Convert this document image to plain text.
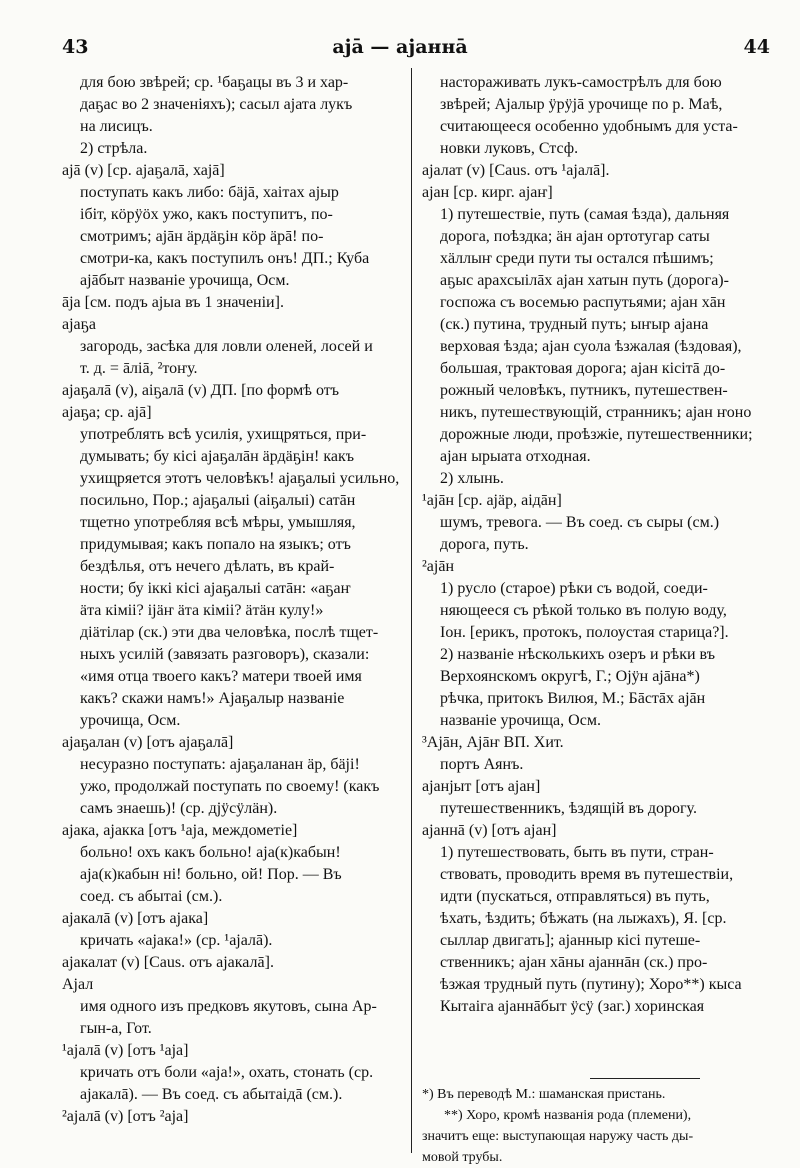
43	аjā — аjаннā	44

для бою звѣрей; ср. ¹баҕацы въ 3 и хар-

даҕас во 2 значеніяхъ); сасыл аjата лукъ

на лисицъ.

2) стрѣла.

аjā (v) [ср. аjаҕалā, хаjā]

поступать какъ либо: бäjā, хаітах аjыр

ібіт, кӧрӱӧх ужо, какъ поступитъ, по-

смотримъ; аjāн äрдäҕін кӧр äрā! по-

смотри-ка, какъ поступилъ онъ! ДП.; Куба

аjāбыт названіе урочища, Осм.

ājа [см. подъ аjыа въ 1 значеніи].
аjаҕа

загородь, засѣка для ловли оленей, лосей и

т. д. = āліā, ²тоҥу.

аjаҕалā (v), аiҕалā (v) ДП. [по формѣ отъ
аjаҕа; ср. аjā]

употреблять всѣ усилія, ухищряться, при-

думывать; бу кісі аjаҕалāн äрдäҕін! какъ

ухищряется этотъ человѣкъ! аjаҕалыі усильно,

посильно, Пор.; аjаҕалыі (аiҕалыі) сатāн

тщетно употребляя всѣ мѣры, умышляя,

придумывая; какъ попало на языкъ; отъ

бездѣлья, отъ нечего дѣлать, въ край-

ности; бу іккі кісі аjаҕалыі сатāн: «аҕаҥ

äта кіміі? ijäҥ äта кіміі? äтäн кулу!»

дiäтiлар (ск.) эти два человѣка, послѣ тщет-

ныхъ усилій (завязать разговоръ), сказали:

«имя отца твоего какъ? матери твоей имя

какъ? скажи намъ!» Аjаҕалыр названіе

урочища, Осм.

аjаҕалан (v) [отъ аjаҕалā]

несуразно поступать: аjаҕаланан äр, бäjі!

ужо, продолжай поступать по своему! (какъ

самъ знаешь)! (ср. дjӱсӱлäн).

аjака, аjакка [отъ ¹аjа, междометіе]

больно! охъ какъ больно! аjа(к)кабын!

аjа(к)кабын ні! больно, ой! Пор. — Въ

соед. съ абытаі (см.).

аjакалā (v) [отъ аjака]

кричать «аjака!» (ср. ¹аjалā).

аjакалат (v) [Caus. отъ аjакалā].
Аjал

имя одного изъ предковъ якутовъ, сына Ар-

гын-а, Гот.

¹аjалā (v) [отъ ¹аjа]

кричать отъ боли «аjа!», охать, стонать (ср.

аjакалā). — Въ соед. съ абытаідā (см.).

²аjалā (v) [отъ ²аjа]

настораживать лукъ-самострѣлъ для бою

звѣрей; Аjалыр ӱрӱjā урочище по р. Маѣ,

считающееся особенно удобнымъ для уста-

новки луковъ, Стсф.

аjалат (v) [Caus. отъ ¹аjалā].
аjан [ср. кирг. аjаҥ]

1) путешествіе, путь (самая ѣзда), дальняя

дорога, поѣздка; äн аjан ортотугар саты

хäллыҥ среди пути ты остался пѣшимъ;

аҕыс арахсыілāх аjан хатын путь (дорога)-

госпожа съ восемью распутьями; аjан хāн

(ск.) путина, трудный путь; ыҥыр аjана

верховая ѣзда; аjан суола ѣзжалая (ѣздовая),

большая, трактовая дорога; аjан кісітā до-

рожный человѣкъ, путникъ, путешествен-

никъ, путешествующій, странникъ; аjан ҥоно

дорожные люди, проѣзжіе, путешественники;

аjан ырыата отходная.

2) хлынь.

¹аjāн [ср. аjäр, аiдāн]

шумъ, тревога. — Въ соед. съ сыры (см.)

дорога, путь.

²аjāн

1) русло (старое) рѣки съ водой, соеди-

няющееся съ рѣкой только въ полую воду,

Іон. [ерикъ, протокъ, полоустая старица?].

2) названіе нѣсколькихъ озеръ и рѣки въ

Верхоянскомъ округѣ, Г.; Оjӱн аjāна*)

рѣчка, притокъ Вилюя, М.; Бāстāх аjāн

названіе урочища, Осм.

³Аjāн, Аjāҥ ВП. Хит.

портъ Аянъ.

аjанjыт [отъ аjан]

путешественникъ, ѣздящій въ дорогу.

аjаннā (v) [отъ аjан]

1) путешествовать, быть въ пути, стран-

ствовать, проводить время въ путешествіи,

идти (пускаться, отправляться) въ путь,

ѣхать, ѣздить; бѣжать (на лыжахъ), Я. [ср.

сыллар двигать]; аjанныр кісі путеше-

ственникъ; аjан хāны аjаннāн (ск.) про-

ѣзжая трудный путь (путину); Хоро**) кыса

Кытаіга аjаннāбыт ӱсӱ (заг.) хоринская

*) Въ переводѣ М.: шаманская пристань.

**) Хоро, кромѣ названія рода (племени),

значитъ еще: выступающая наружу часть ды-

мовой трубы.
